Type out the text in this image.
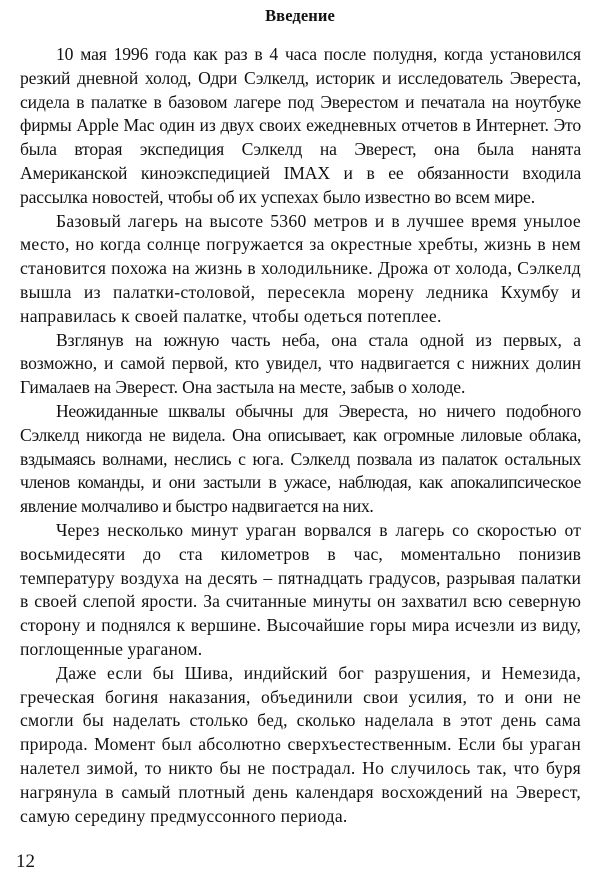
Введение

10 мая 1996 года как раз в 4 часа после полудня, когда установился резкий дневной холод, Одри Сэлкелд, историк и исследователь Эвереста, сидела в палатке в базовом лагере под Эверестом и печатала на ноутбуке фирмы Apple Mac один из двух своих ежедневных отчетов в Интернет. Это была вторая экспедиция Сэлкелд на Эверест, она была нанята Американской киноэкспедицией IMAX и в ее обязанности входила рассылка новостей, чтобы об их успехах было известно во всем мире.

Базовый лагерь на высоте 5360 метров и в лучшее время унылое место, но когда солнце погружается за окрестные хребты, жизнь в нем становится похожа на жизнь в холодильнике. Дрожа от холода, Сэлкелд вышла из палатки-столовой, пересекла морену ледника Кхумбу и направилась к своей палатке, чтобы одеться потеплее.

Взглянув на южную часть неба, она стала одной из первых, а возможно, и самой первой, кто увидел, что надвигается с нижних долин Гималаев на Эверест. Она застыла на месте, забыв о холоде.

Неожиданные шквалы обычны для Эвереста, но ничего подобного Сэлкелд никогда не видела. Она описывает, как огромные лиловые облака, вздымаясь волнами, неслись с юга. Сэлкелд позвала из палаток остальных членов команды, и они застыли в ужасе, наблюдая, как апокалипсическое явление молчаливо и быстро надвигается на них.

Через несколько минут ураган ворвался в лагерь со скоростью от восьмидесяти до ста километров в час, моментально понизив температуру воздуха на десять – пятнадцать градусов, разрывая палатки в своей слепой ярости. За считанные минуты он захватил всю северную сторону и поднялся к вершине. Высочайшие горы мира исчезли из виду, поглощенные ураганом.

Даже если бы Шива, индийский бог разрушения, и Немезида, греческая богиня наказания, объединили свои усилия, то и они не смогли бы наделать столько бед, сколько наделала в этот день сама природа. Момент был абсолютно сверхъестественным. Если бы ураган налетел зимой, то никто бы не пострадал. Но случилось так, что буря нагрянула в самый плотный день календаря восхождений на Эверест, самую середину предмуссонного периода.

12
